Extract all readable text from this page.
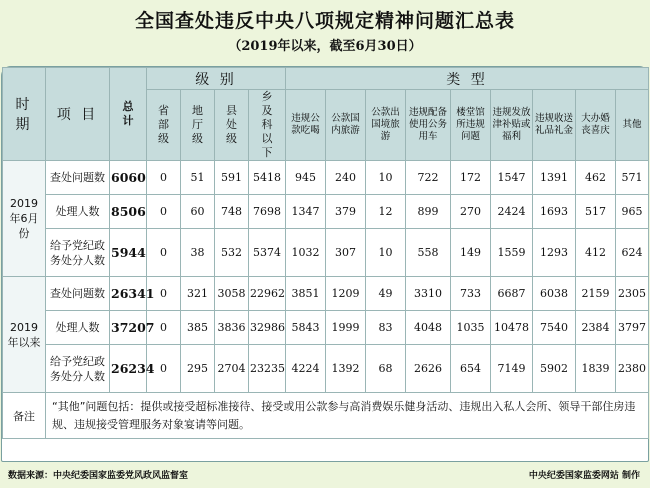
全国查处违反中央八项规定精神问题汇总表
（2019年以来，截至6月30日）
时 期	项 目	总计	级 别				类 型								
			省部级	地厅级	县处级	乡及科以下	违规公款吃喝	公款国内旅游	公款出国境旅游	违规配备使用公务用车	楼堂馆所违规问题	违规发放津补贴或福利	违规收送礼品礼金	大办婚丧喜庆	其他
2019年6月份	查处问题数	6060	0	51	591	5418	945	240	10	722	172	1547	1391	462	571
	处理人数	8506	0	60	748	7698	1347	379	12	899	270	2424	1693	517	965
	给予党纪政务处分人数	5944	0	38	532	5374	1032	307	10	558	149	1559	1293	412	624
2019年以来	查处问题数	26341	0	321	3058	22962	3851	1209	49	3310	733	6687	6038	2159	2305
	处理人数	37207	0	385	3836	32986	5843	1999	83	4048	1035	10478	7540	2384	3797
	给予党纪政务处分人数	26234	0	295	2704	23235	4224	1392	68	2626	654	7149	5902	1839	2380
备注	“其他”问题包括：提供或接受超标准接待、接受或用公款参与高消费娱乐健身活动、违规出入私人会所、领导干部住房违规、违规接受管理服务对象宴请等问题。														
数据来源：中央纪委国家监委党风政风监督室	中央纪委国家监委网站 制作
